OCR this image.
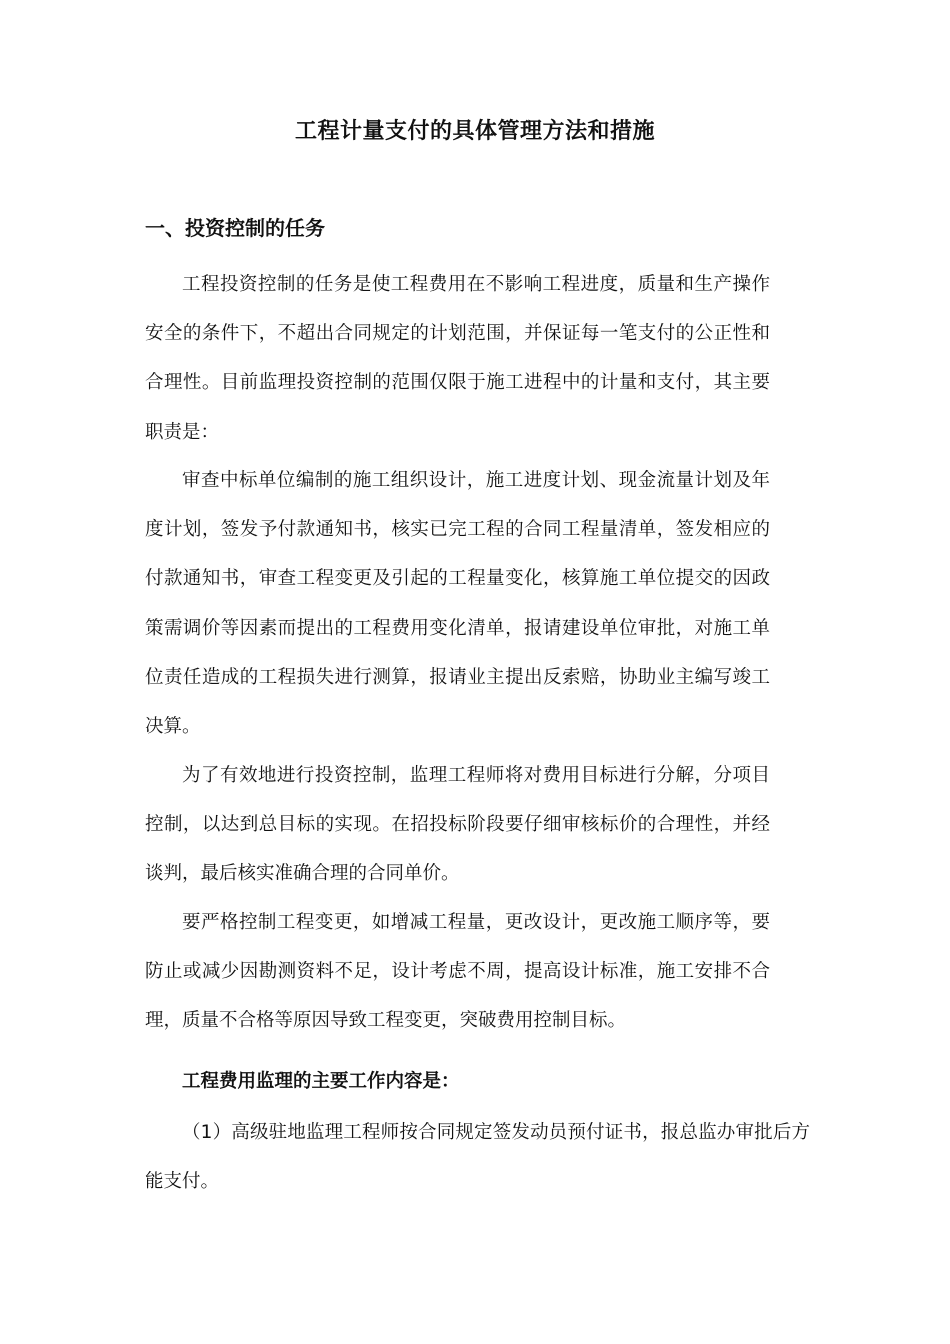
工程计量支付的具体管理方法和措施
一、投资控制的任务

工程投资控制的任务是使工程费用在不影响工程进度，质量和生产操作安全的条件下，不超出合同规定的计划范围，并保证每一笔支付的公正性和合理性。目前监理投资控制的范围仅限于施工进程中的计量和支付，其主要职责是：

审查中标单位编制的施工组织设计，施工进度计划、现金流量计划及年度计划，签发予付款通知书，核实已完工程的合同工程量清单，签发相应的付款通知书，审查工程变更及引起的工程量变化，核算施工单位提交的因政策需调价等因素而提出的工程费用变化清单，报请建设单位审批，对施工单位责任造成的工程损失进行测算，报请业主提出反索赔，协助业主编写竣工决算。

为了有效地进行投资控制，监理工程师将对费用目标进行分解，分项目控制，以达到总目标的实现。在招投标阶段要仔细审核标价的合理性，并经谈判，最后核实准确合理的合同单价。

要严格控制工程变更，如增减工程量，更改设计，更改施工顺序等，要防止或减少因勘测资料不足，设计考虑不周，提高设计标准，施工安排不合理，质量不合格等原因导致工程变更，突破费用控制目标。

工程费用监理的主要工作内容是：

（1）高级驻地监理工程师按合同规定签发动员预付证书，报总监办审批后方能支付。
